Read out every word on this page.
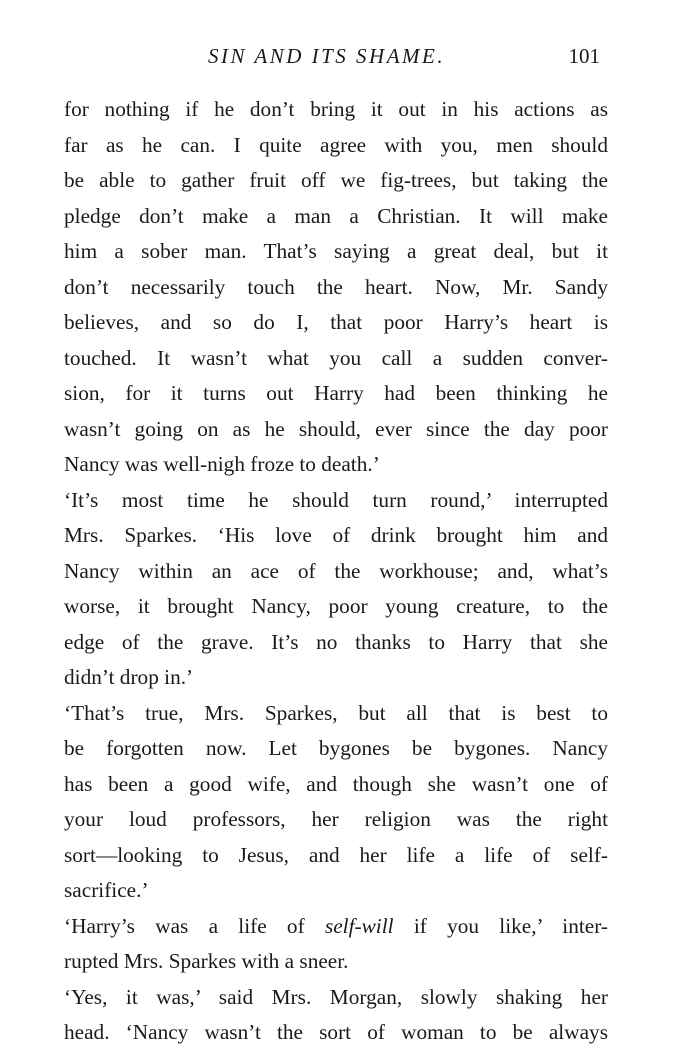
SIN AND ITS SHAME.	101
for nothing if he don’t bring it out in his actions as
far as he can. I quite agree with you, men should
be able to gather fruit off we fig-trees, but taking the
pledge don’t make a man a Christian. It will make
him a sober man. That’s saying a great deal, but it
don’t necessarily touch the heart. Now, Mr. Sandy
believes, and so do I, that poor Harry’s heart is
touched. It wasn’t what you call a sudden conver-
sion, for it turns out Harry had been thinking he
wasn’t going on as he should, ever since the day poor
Nancy was well-nigh froze to death.’
‘It’s most time he should turn round,’ interrupted
Mrs. Sparkes. ‘His love of drink brought him and
Nancy within an ace of the workhouse; and, what’s
worse, it brought Nancy, poor young creature, to the
edge of the grave. It’s no thanks to Harry that she
didn’t drop in.’
‘That’s true, Mrs. Sparkes, but all that is best to
be forgotten now. Let bygones be bygones. Nancy
has been a good wife, and though she wasn’t one of
your loud professors, her religion was the right
sort—looking to Jesus, and her life a life of self-
sacrifice.’
‘Harry’s was a life of self-will if you like,’ inter-
rupted Mrs. Sparkes with a sneer.
‘Yes, it was,’ said Mrs. Morgan, slowly shaking her
head. ‘Nancy wasn’t the sort of woman to be always
